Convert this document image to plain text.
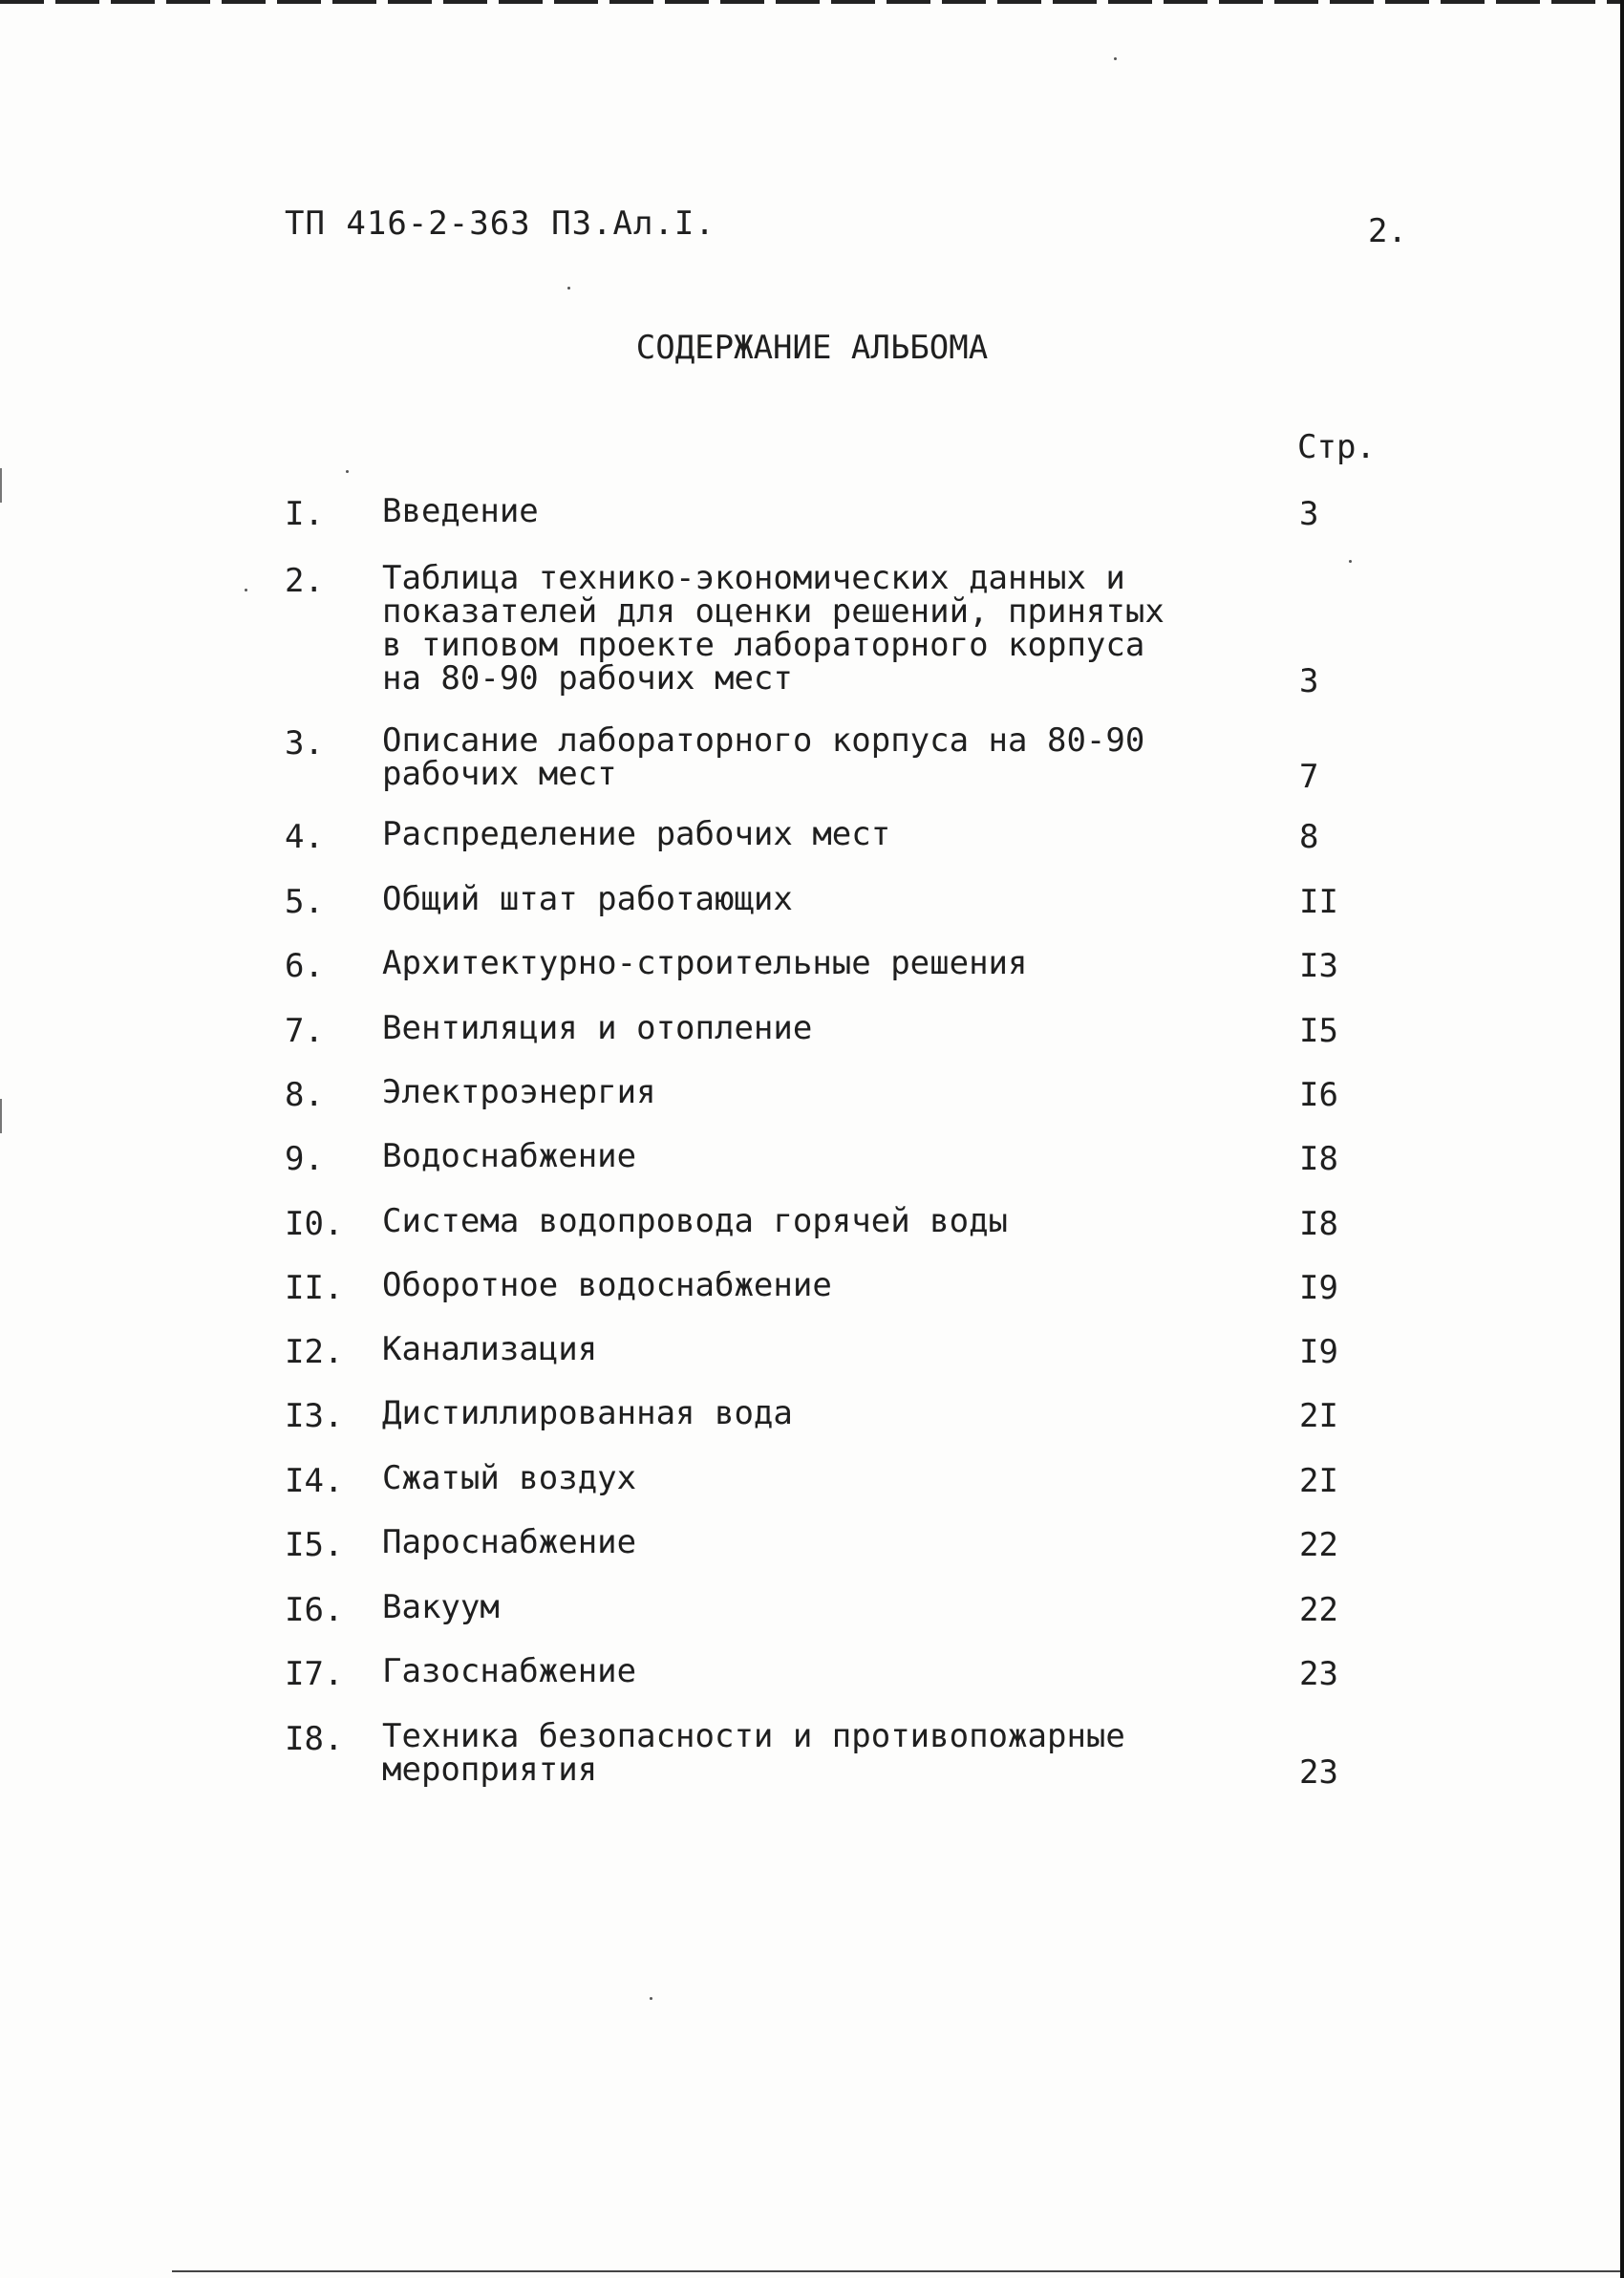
ТП 416-2-363 ПЗ.Ал.I.	2.
СОДЕРЖАНИЕ АЛЬБОМА
Стр.
I. Введение	3
2. Таблица технико-экономических данных и
показателей для оценки решений, принятых
в типовом проекте лабораторного корпуса
на 80-90 рабочих мест	3
3. Описание лабораторного корпуса на 80-90
рабочих мест	7
4. Распределение рабочих мест	8
5. Общий штат работающих	II
6. Архитектурно-строительные решения	I3
7. Вентиляция и отопление	I5
8. Электроэнергия	I6
9. Водоснабжение	I8
I0. Система водопровода горячей воды	I8
II. Оборотное водоснабжение	I9
I2. Канализация	I9
I3. Дистиллированная вода	2I
I4. Сжатый воздух	2I
I5. Пароснабжение	22
I6. Вакуум	22
I7. Газоснабжение	23
I8. Техника безопасности и противопожарные
мероприятия	23
